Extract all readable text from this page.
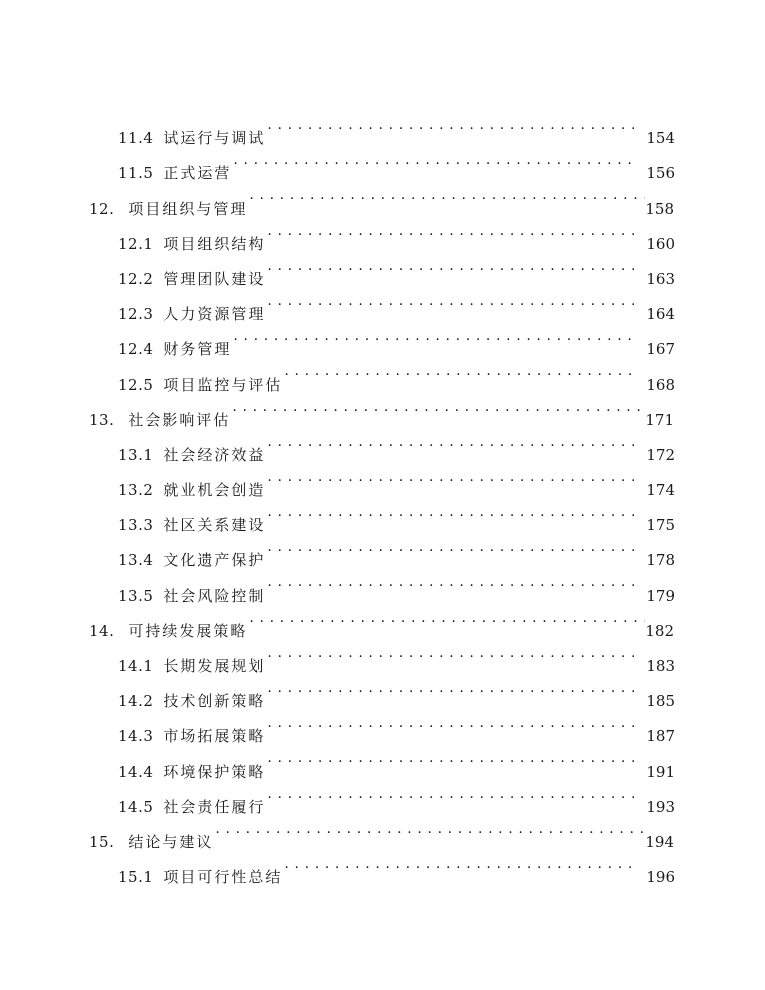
11.4 试运行与调试 . . .	154
11.5 正式运营 . . .	156
12. 项目组织与管理 . . .	158
12.1 项目组织结构 . . .	160
12.2 管理团队建设 . . .	163
12.3 人力资源管理 . . .	164
12.4 财务管理 . . .	167
12.5 项目监控与评估 . . .	168
13. 社会影响评估 . . .	171
13.1 社会经济效益 . . .	172
13.2 就业机会创造 . . .	174
13.3 社区关系建设 . . .	175
13.4 文化遗产保护 . . .	178
13.5 社会风险控制 . . .	179
14. 可持续发展策略 . . .	182
14.1 长期发展规划 . . .	183
14.2 技术创新策略 . . .	185
14.3 市场拓展策略 . . .	187
14.4 环境保护策略 . . .	191
14.5 社会责任履行 . . .	193
15. 结论与建议 . . .	194
15.1 项目可行性总结 . . .	196
